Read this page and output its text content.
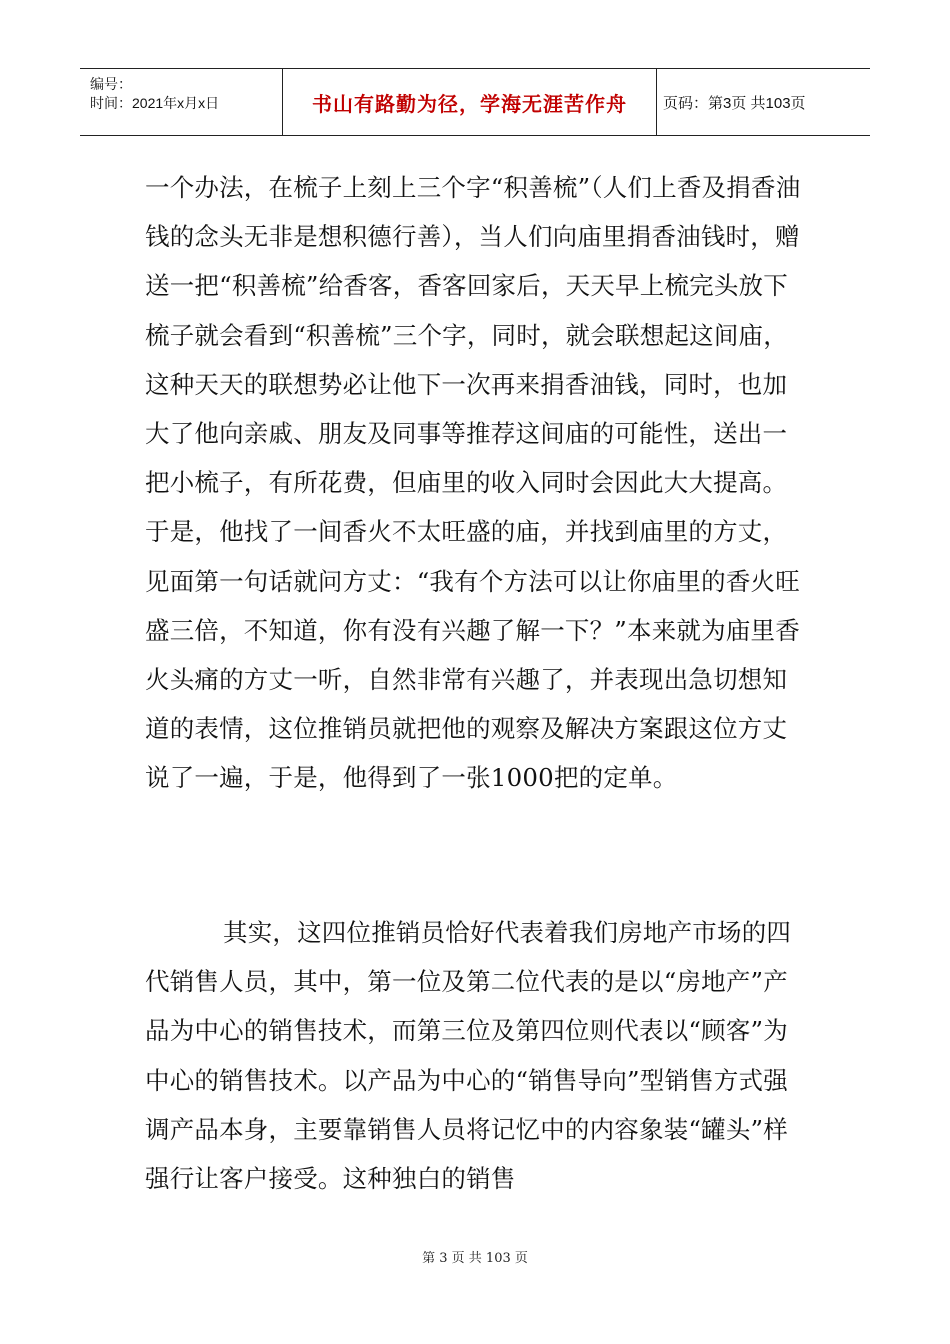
编号：
时间：2021年x月x日	书山有路勤为径，学海无涯苦作舟 页码：第3页 共103页

一个办法，在梳子上刻上三个字“积善梳”（人们上香及捐香油钱的念头无非是想积德行善），当人们向庙里捐香油钱时，赠送一把“积善梳”给香客，香客回家后，天天早上梳完头放下梳子就会看到“积善梳”三个字，同时，就会联想起这间庙，这种天天的联想势必让他下一次再来捐香油钱，同时，也加大了他向亲戚、朋友及同事等推荐这间庙的可能性，送出一把小梳子，有所花费，但庙里的收入同时会因此大大提高。于是，他找了一间香火不太旺盛的庙，并找到庙里的方丈，见面第一句话就问方丈：“我有个方法可以让你庙里的香火旺盛三倍，不知道，你有没有兴趣了解一下？”本来就为庙里香火头痛的方丈一听，自然非常有兴趣了，并表现出急切想知道的表情，这位推销员就把他的观察及解决方案跟这位方丈说了一遍，于是，他得到了一张1000把的定单。

其实，这四位推销员恰好代表着我们房地产市场的四代销售人员，其中，第一位及第二位代表的是以“房地产”产品为中心的销售技术，而第三位及第四位则代表以“顾客”为中心的销售技术。以产品为中心的“销售导向”型销售方式强调产品本身，主要靠销售人员将记忆中的内容象装“罐头”样强行让客户接受。这种独白的销售

第 3 页 共 103 页
